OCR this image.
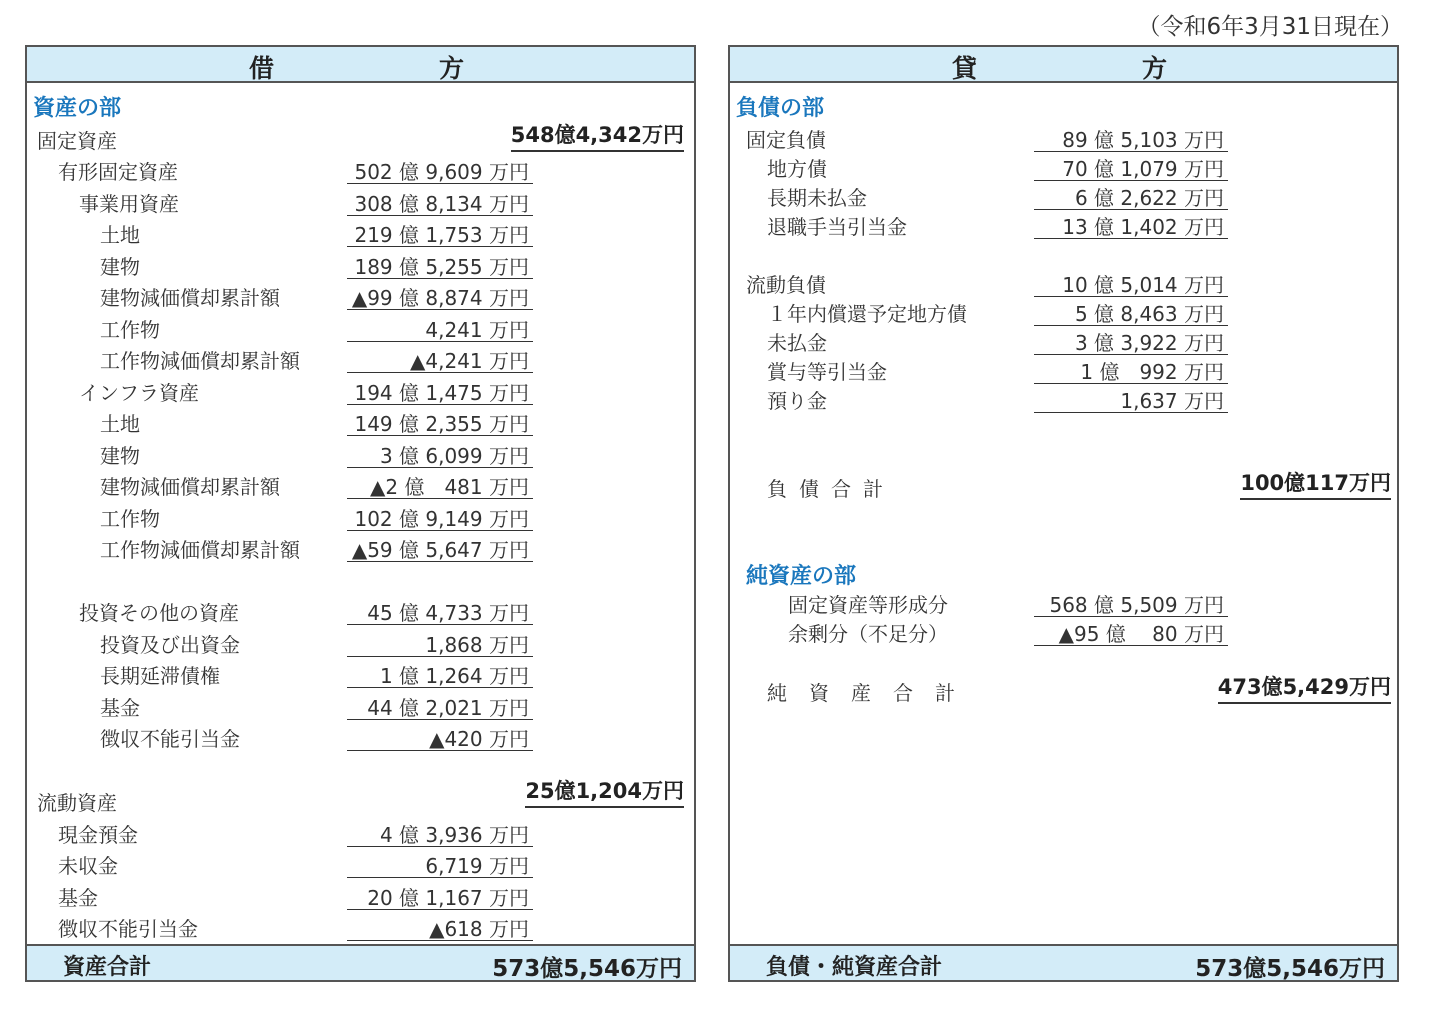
（令和6年3月31日現在）
借	方
資産の部
固定資産	548億4,342万円
有形固定資産	502 億 9,609 万円
事業用資産	308 億 8,134 万円
土地	219 億 1,753 万円
建物	189 億 5,255 万円
建物減価償却累計額	▲99 億 8,874 万円
工作物	4,241 万円
工作物減価償却累計額	▲4,241 万円
インフラ資産	194 億 1,475 万円
土地	149 億 2,355 万円
建物	3 億 6,099 万円
建物減価償却累計額	▲2 億　481 万円
工作物	102 億 9,149 万円
工作物減価償却累計額	▲59 億 5,647 万円
投資その他の資産	45 億 4,733 万円
投資及び出資金	1,868 万円
長期延滞債権	1 億 1,264 万円
基金	44 億 2,021 万円
徴収不能引当金	▲420 万円
流動資産	25億1,204万円
現金預金	4 億 3,936 万円
未収金	6,719 万円
基金	20 億 1,167 万円
徴収不能引当金	▲618 万円
資産合計	573億5,546万円
貸	方
負債の部
固定負債	89 億 5,103 万円
地方債	70 億 1,079 万円
長期未払金	6 億 2,622 万円
退職手当引当金	13 億 1,402 万円
流動負債	10 億 5,014 万円
１年内償還予定地方債	5 億 8,463 万円
未払金	3 億 3,922 万円
賞与等引当金	1 億　992 万円
預り金	1,637 万円
負債合計	100億117万円
純資産の部
固定資産等形成分	568 億 5,509 万円
余剰分（不足分）	▲95 億　 80 万円
純資産合計	473億5,429万円
負債・純資産合計	573億5,546万円
